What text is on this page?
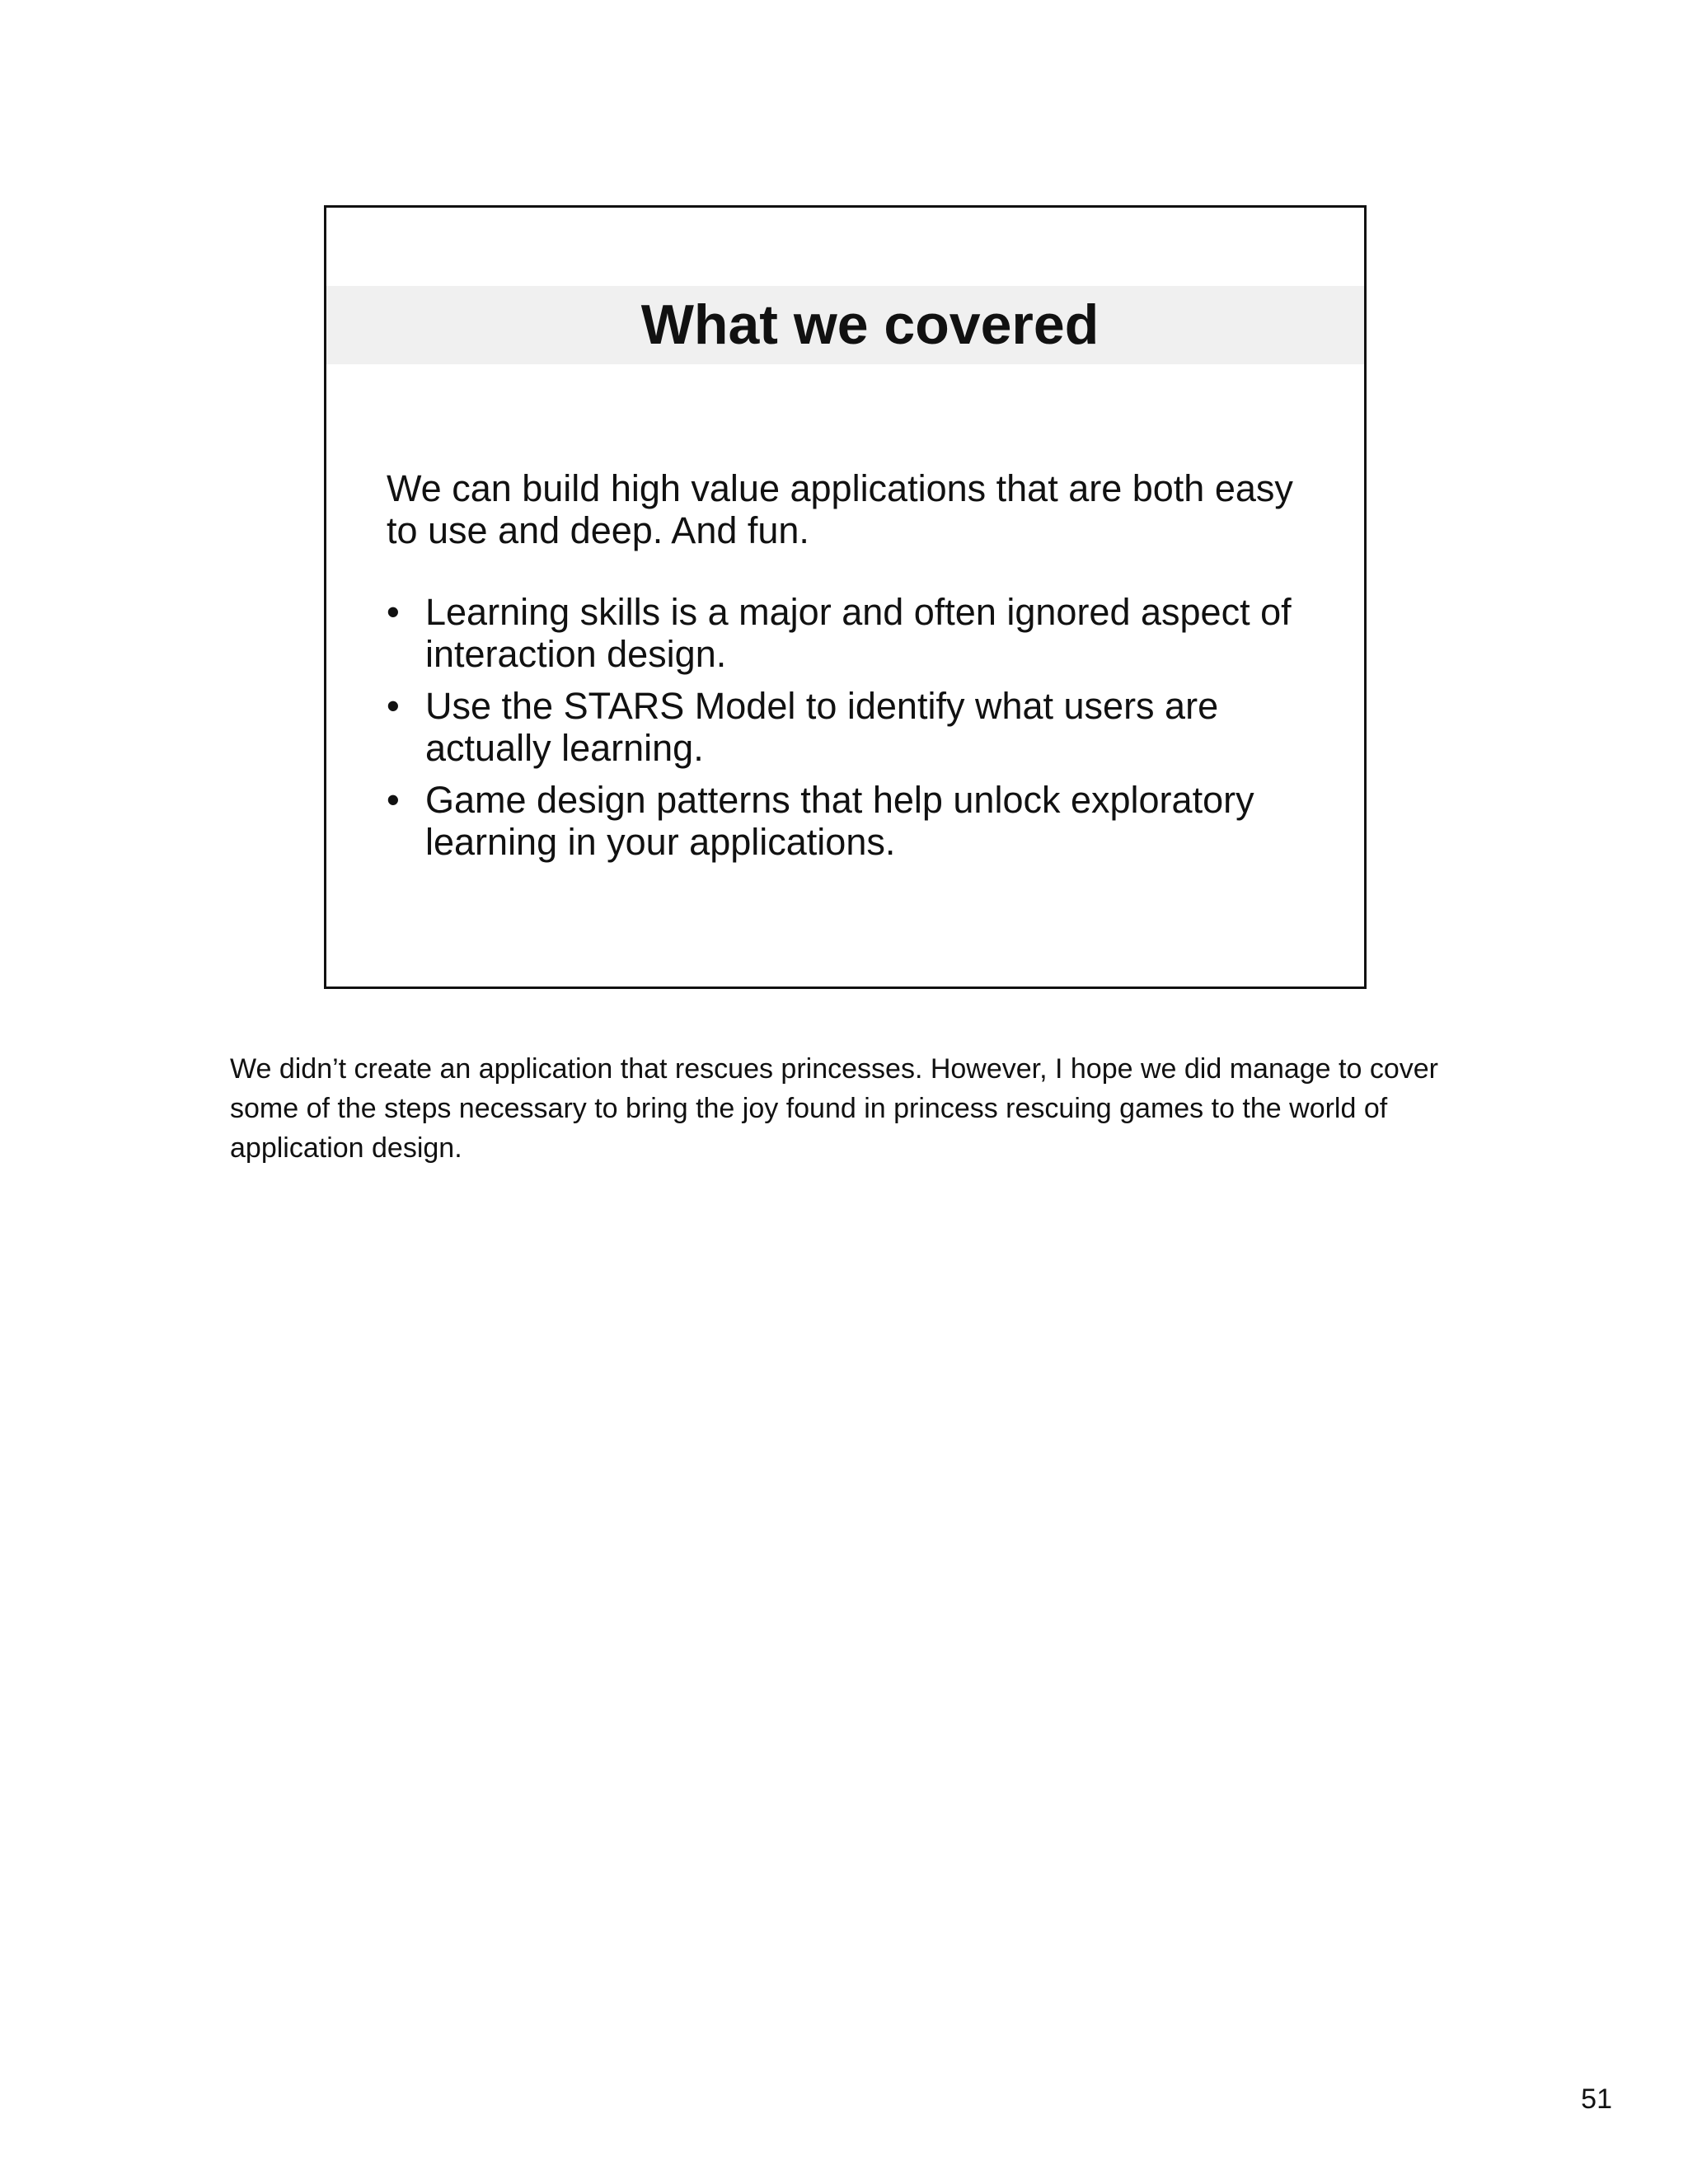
What we covered

We can build high value applications that are both easy to use and deep. And fun.

• Learning skills is a major and often ignored aspect of interaction design.
• Use the STARS Model to identify what users are actually learning.
• Game design patterns that help unlock exploratory learning in your applications.

We didn’t create an application that rescues princesses. However, I hope we did manage to cover some of the steps necessary to bring the joy found in princess rescuing games to the world of application design.

51
